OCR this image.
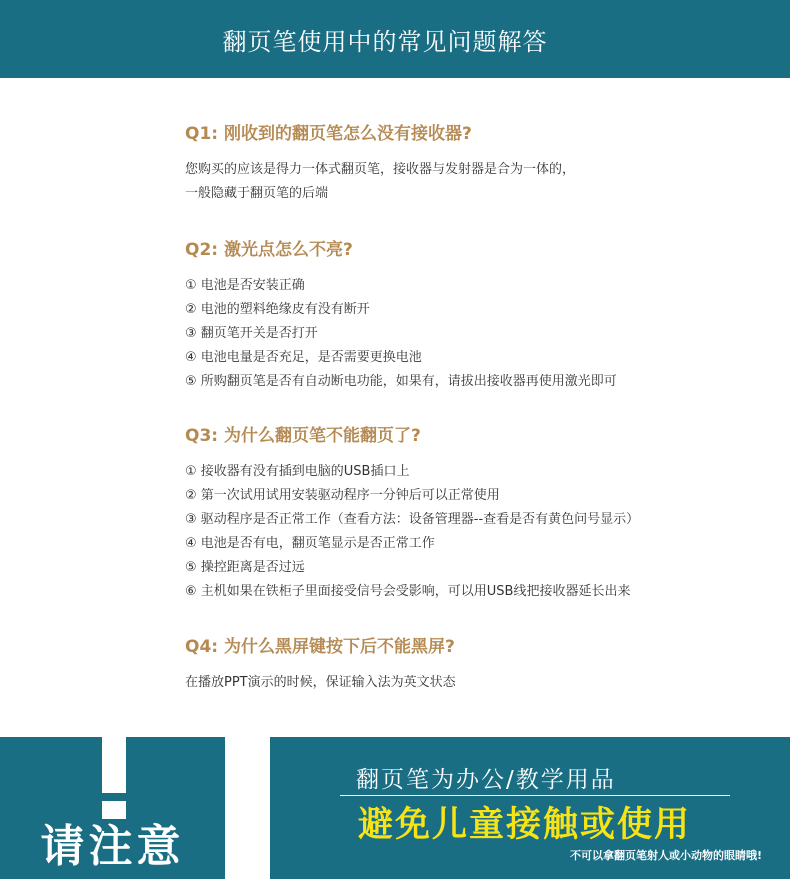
翻页笔使用中的常见问题解答

Q1: 刚收到的翻页笔怎么没有接收器?

您购买的应该是得力一体式翻页笔，接收器与发射器是合为一体的，
一般隐藏于翻页笔的后端

Q2: 激光点怎么不亮?

① 电池是否安装正确
② 电池的塑料绝缘皮有没有断开
③ 翻页笔开关是否打开
④ 电池电量是否充足，是否需要更换电池
⑤ 所购翻页笔是否有自动断电功能，如果有，请拔出接收器再使用激光即可

Q3: 为什么翻页笔不能翻页了?

① 接收器有没有插到电脑的USB插口上
② 第一次试用试用安装驱动程序一分钟后可以正常使用
③ 驱动程序是否正常工作（查看方法：设备管理器--查看是否有黄色问号显示）
④ 电池是否有电，翻页笔显示是否正常工作
⑤ 操控距离是否过远
⑥ 主机如果在铁柜子里面接受信号会受影响，可以用USB线把接收器延长出来

Q4: 为什么黑屏键按下后不能黑屏?

在播放PPT演示的时候，保证输入法为英文状态
请注意
翻页笔为办公/教学用品
避免儿童接触或使用
不可以拿翻页笔射人或小动物的眼睛哦!
